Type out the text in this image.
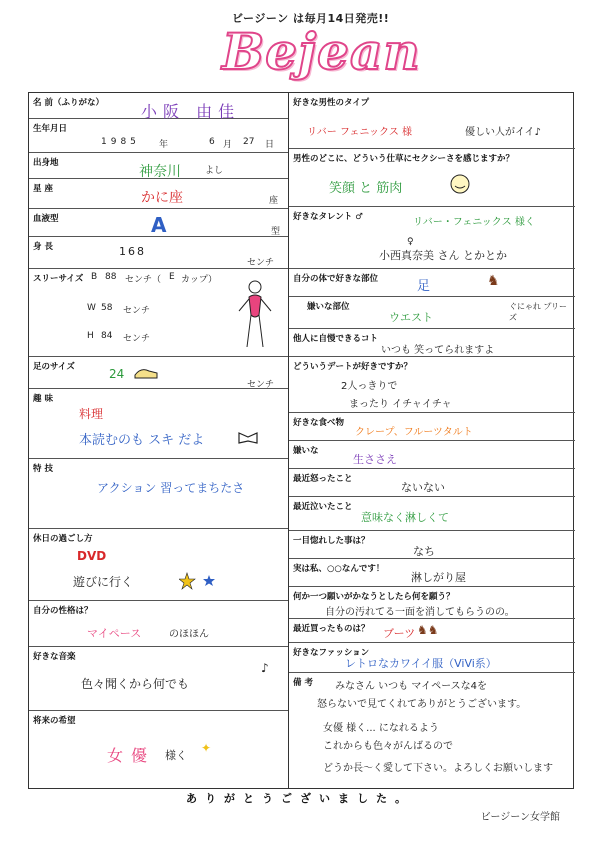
ビージーン は毎月14日発売!!
Bejean
名 前（ふりがな） 小阪 由佳
生年月日
1985 年	6 月 27 日
出身地
神奈川	よし
星 座
かに座	座
血液型	A	型
身 長	168
センチ
スリーサイズ B 88 センチ（ E カップ）
W 58 センチ
H 84 センチ
足のサイズ	24
センチ
趣 味
料理
本読むのも スキ だよ
特 技
アクション 習ってまちたさ
休日の過ごし方
DVD
遊びに行く
自分の性格は？
マイペース	のほほん
好きな音楽
色々聞くから何でも
♪
将来の希望
女優 様く
✦
好きな男性のタイプ
リバー フェニックス 様	優しい人がイイ♪
男性のどこに、どういう仕草にセクシーさを感じますか？
笑顔 と 筋肉
好きなタレント ♂	リバー・フェニックス 様く
♀
小西真奈美 さん とかとか
自分の体で好きな部位	足	♞
嫌いな部位
ウエスト
ぐにゃれ プリーズ
他人に自慢できるコト
いつも 笑ってられますよ
どういうデートが好きですか？
2人っきりで
まったり イチャイチャ
好きな食べ物
クレープ、フルーツタルト
嫌いな
生ささえ
最近怒ったこと
ないない
最近泣いたこと
意味なく淋しくて
一目惚れした事は？
なち
実は私、○○なんです！
淋しがり屋
何か一つ願いがかなうとしたら何を願う？
自分の汚れてる一面を消してもらうのの。
最近買ったものは？ ブーツ ♞♞
好きなファッション
レトロなカワイイ服（ViVi系）
備 考 みなさん いつも マイペースな4を
怒らないで見てくれてありがとうございます。
女優 様く... になれるよう
これからも色々がんばるので
どうか長〜く愛して下さい。よろしくお願いします
ありがとうございました。
ビージーン女学館
